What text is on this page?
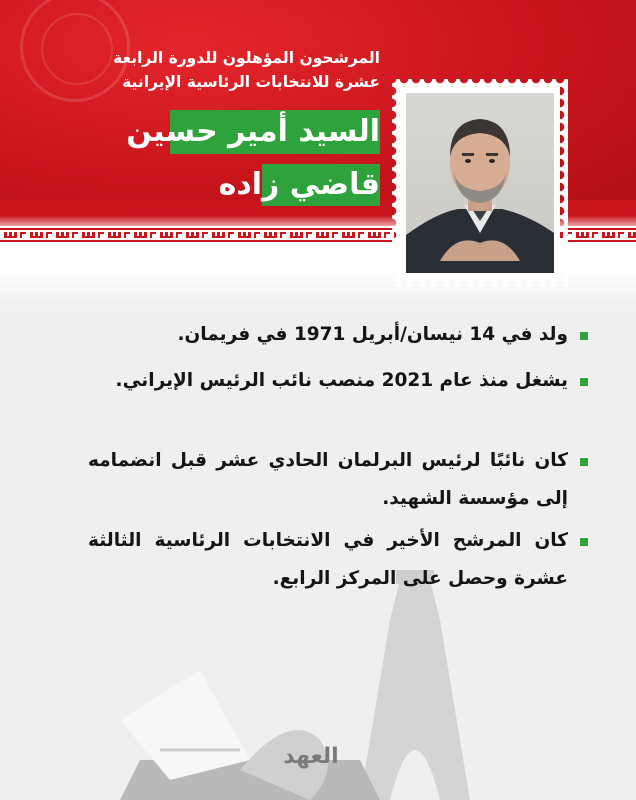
المرشحون المؤهلون للدورة الرابعة
عشرة للانتخابات الرئاسية الإيرانية
السيد أمير حسين
قاضي زاده
ولد في 14 نيسان/أبريل 1971 في فريمان.
يشغل منذ عام 2021 منصب نائب الرئيس الإيراني.
كان نائبًا لرئيس البرلمان الحادي عشر قبل انضمامه إلى مؤسسة الشهيد.
كان المرشح الأخير في الانتخابات الرئاسية الثالثة عشرة وحصل على المركز الرابع.
العهد
